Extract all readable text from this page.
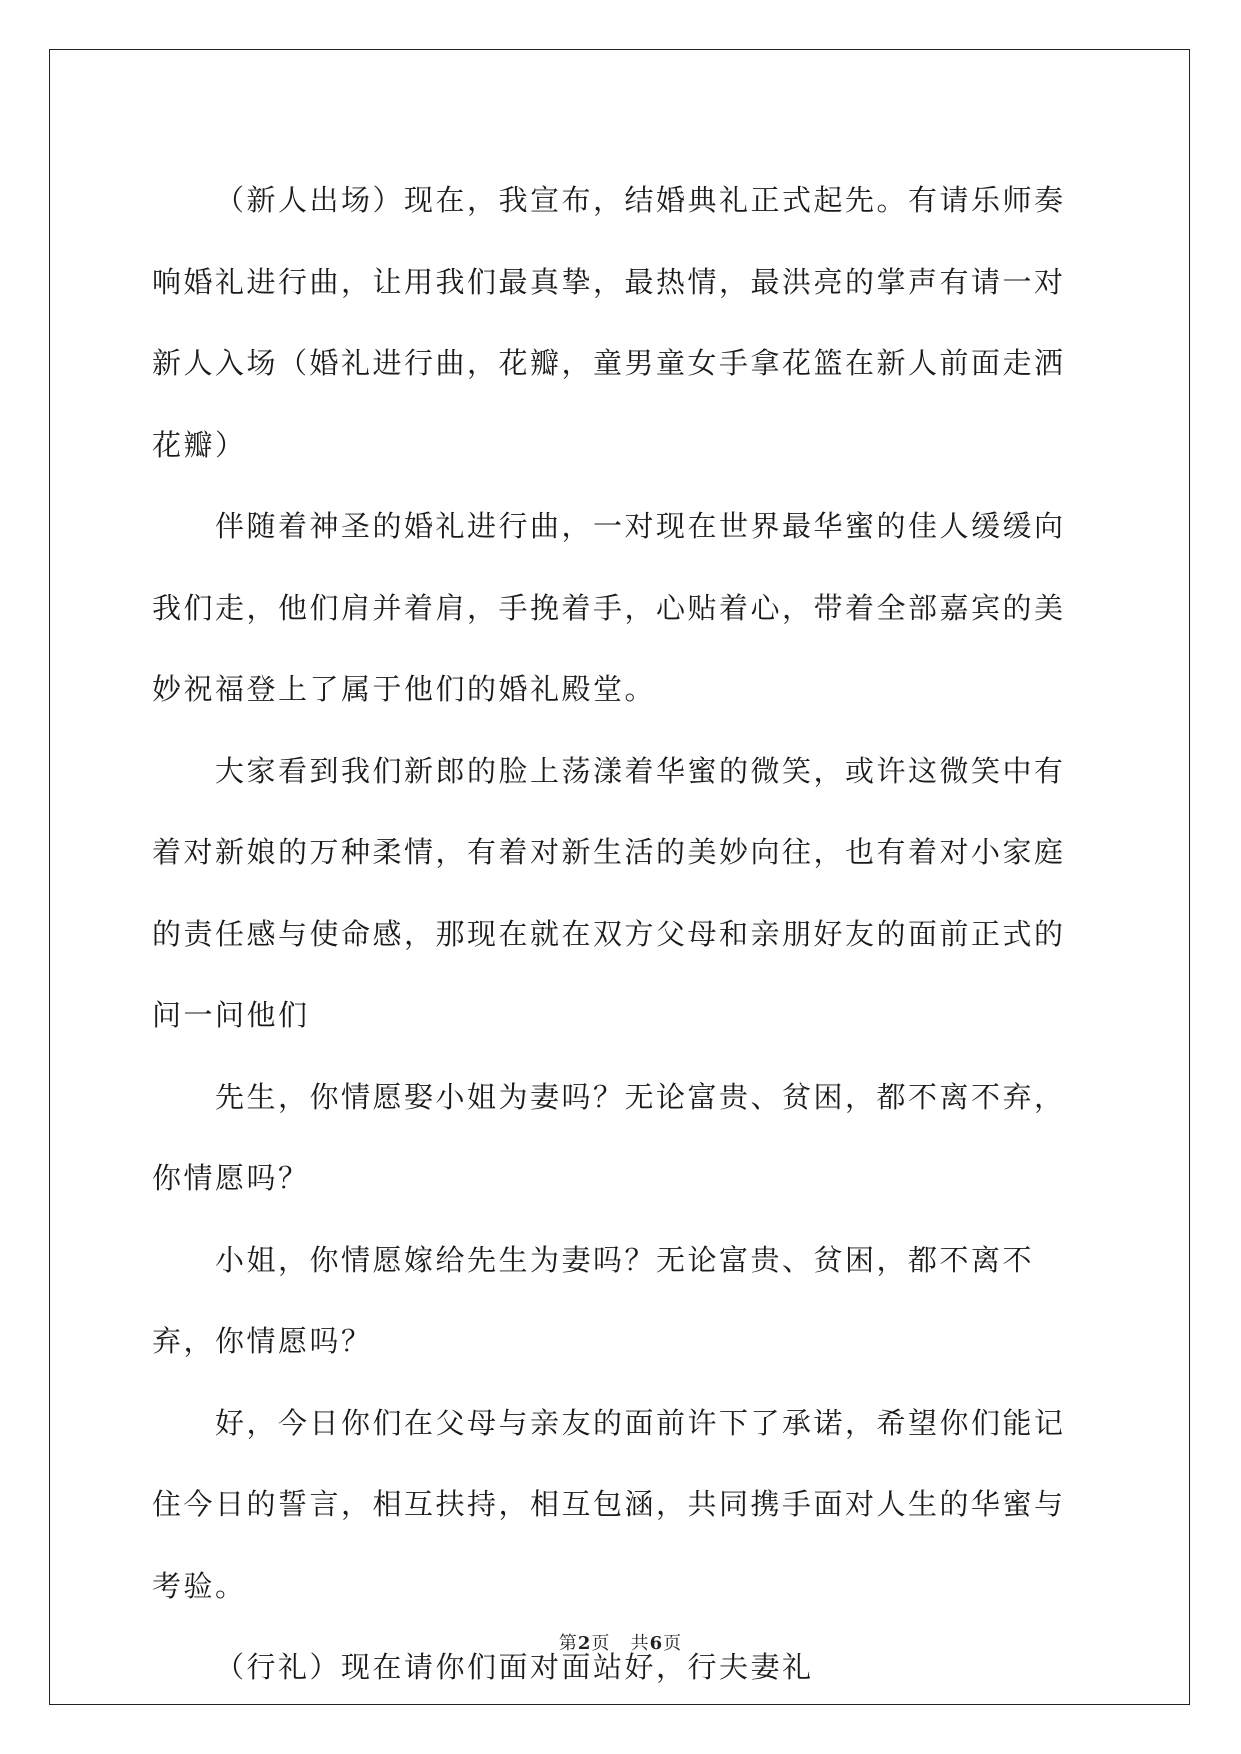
（新人出场）现在，我宣布，结婚典礼正式起先。有请乐师奏响婚礼进行曲，让用我们最真挚，最热情，最洪亮的掌声有请一对新人入场（婚礼进行曲，花瓣，童男童女手拿花篮在新人前面走洒花瓣）

伴随着神圣的婚礼进行曲，一对现在世界最华蜜的佳人缓缓向我们走，他们肩并着肩，手挽着手，心贴着心，带着全部嘉宾的美妙祝福登上了属于他们的婚礼殿堂。

大家看到我们新郎的脸上荡漾着华蜜的微笑，或许这微笑中有着对新娘的万种柔情，有着对新生活的美妙向往，也有着对小家庭的责任感与使命感，那现在就在双方父母和亲朋好友的面前正式的问一问他们

先生，你情愿娶小姐为妻吗？无论富贵、贫困，都不离不弃，你情愿吗？

小姐，你情愿嫁给先生为妻吗？无论富贵、贫困，都不离不弃，你情愿吗？

好，今日你们在父母与亲友的面前许下了承诺，希望你们能记住今日的誓言，相互扶持，相互包涵，共同携手面对人生的华蜜与考验。

（行礼）现在请你们面对面站好，行夫妻礼

第2页 共6页
